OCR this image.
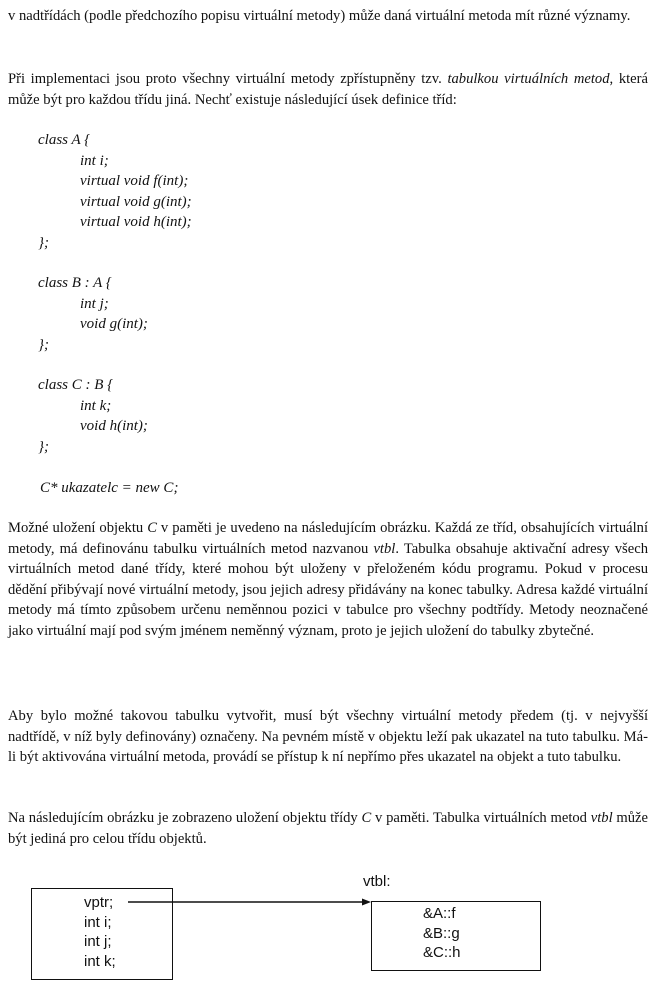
v nadtřídách (podle předchozího popisu virtuální metody) může daná virtuální metoda mít různé významy.

Při implementaci jsou proto všechny virtuální metody zpřístupněny tzv. tabulkou virtuálních metod, která může být pro každou třídu jiná. Nechť existuje následující úsek definice tříd:

class A {
int i;
virtual void f(int);
virtual void g(int);
virtual void h(int);
};
class B : A {
int j;
void g(int);
};
class C : B {
int k;
void h(int);
};
C* ukazatelc = new C;

Možné uložení objektu C v paměti je uvedeno na následujícím obrázku. Každá ze tříd, obsahujících virtuální metody, má definovánu tabulku virtuálních metod nazvanou vtbl. Tabulka obsahuje aktivační adresy všech virtuálních metod dané třídy, které mohou být uloženy v přeloženém kódu programu. Pokud v procesu dědění přibývají nové virtuální metody, jsou jejich adresy přidávány na konec tabulky. Adresa každé virtuální metody má tímto způsobem určenu neměnnou pozici v tabulce pro všechny podtřídy. Metody neoznačené jako virtuální mají pod svým jménem neměnný význam, proto je jejich uložení do tabulky zbytečné.

Aby bylo možné takovou tabulku vytvořit, musí být všechny virtuální metody předem (tj. v nejvyšší nadtřídě, v níž byly definovány) označeny. Na pevném místě v objektu leží pak ukazatel na tuto tabulku. Má-li být aktivována virtuální metoda, provádí se přístup k ní nepřímo přes ukazatel na objekt a tuto tabulku.

Na následujícím obrázku je zobrazeno uložení objektu třídy C v paměti. Tabulka virtuálních metod vtbl může být jediná pro celou třídu objektů.

vptr;
int i;
int j;
int k;
vtbl:
&A::f
&B::g
&C::h
